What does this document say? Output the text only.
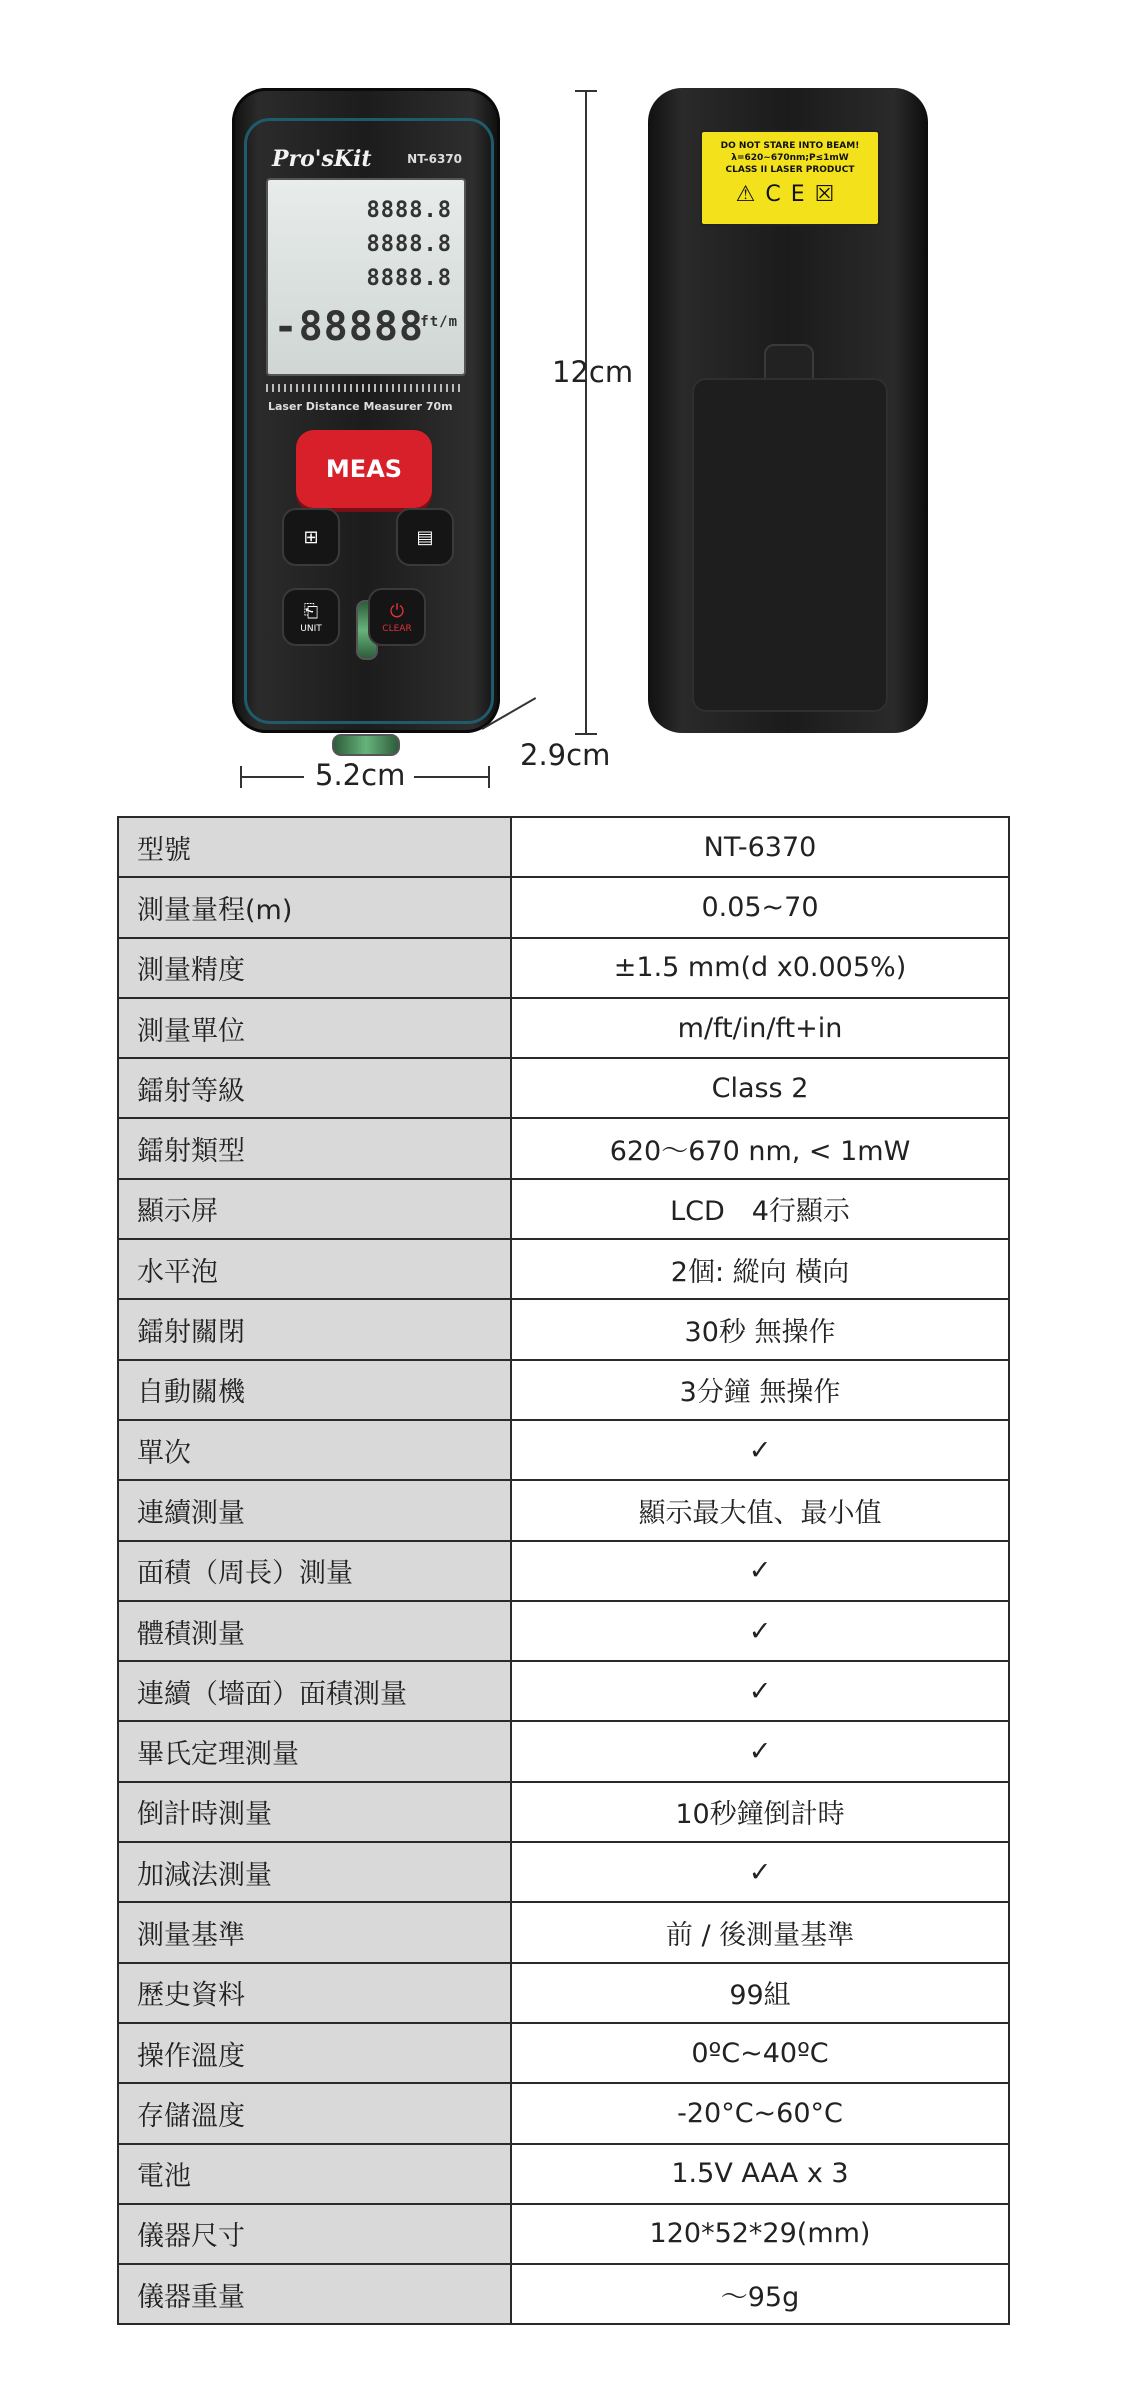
Pro'sKit	NT-6370
8888.8
8888.8
8888.8
-88888
ft/m
Laser Distance Measurer 70m
MEAS
⊞	▤
⎗
UNIT
⏻
CLEAR
DO NOT STARE INTO BEAM!
λ=620~670nm;P≤1mW
CLASS II LASER PRODUCT
⚠CE☒
12cm
5.2cm
2.9cm
型號	NT-6370
測量量程(m)	0.05~70
測量精度	±1.5 mm(d x0.005%)
測量單位	m/ft/in/ft+in
鐳射等級	Class 2
鐳射類型	620～670 nm, < 1mW
顯示屏	LCD　4行顯示
水平泡	2個: 縱向 橫向
鐳射關閉	30秒 無操作
自動關機	3分鐘 無操作
單次	✓
連續測量	顯示最大值、最小值
面積（周長）測量	✓
體積測量	✓
連續（墻面）面積測量	✓
畢氏定理測量	✓
倒計時測量	10秒鐘倒計時
加減法測量	✓
測量基準	前 / 後測量基準
歷史資料	99組
操作溫度	0ºC~40ºC
存儲溫度	-20°C~60°C
電池	1.5V AAA x 3
儀器尺寸	120*52*29(mm)
儀器重量	～95g
